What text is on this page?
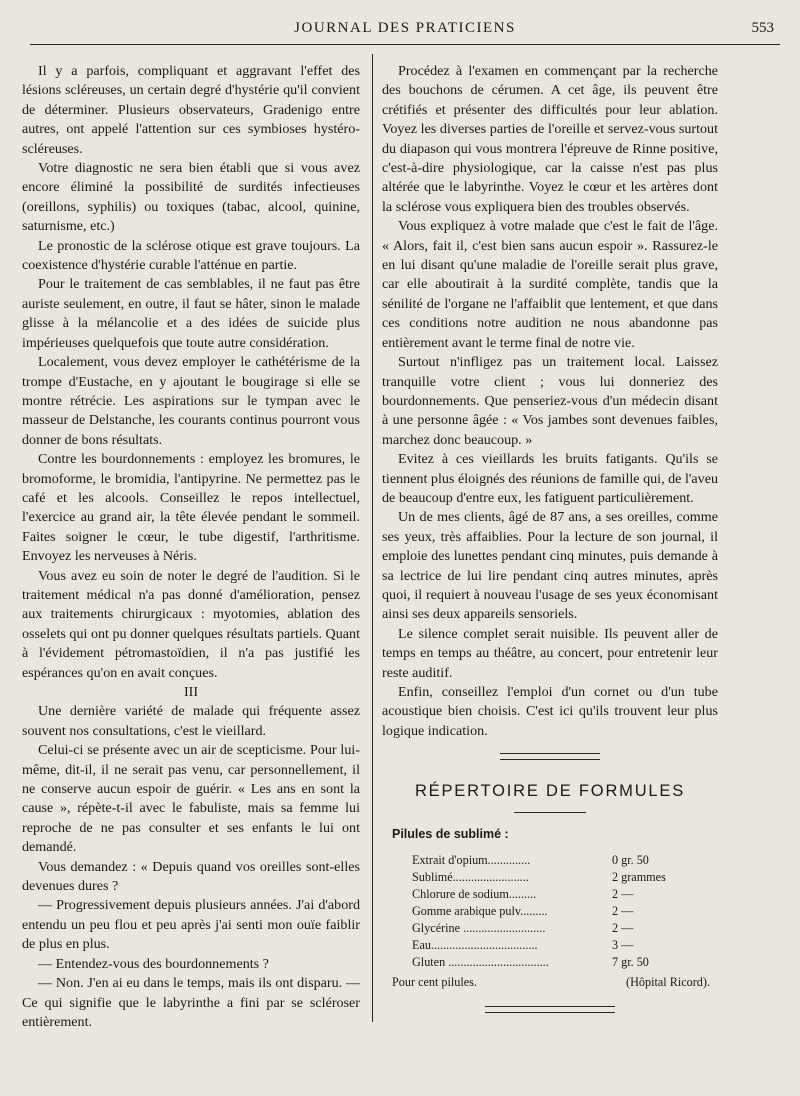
JOURNAL DES PRATICIENS	553

Il y a parfois, compliquant et aggravant l'effet des lésions scléreuses, un certain degré d'hystérie qu'il convient de déterminer. Plusieurs observateurs, Gradenigo entre autres, ont appelé l'attention sur ces symbioses hystéro-scléreuses.

Votre diagnostic ne sera bien établi que si vous avez encore éliminé la possibilité de surdités infectieuses (oreillons, syphilis) ou toxiques (tabac, alcool, quinine, saturnisme, etc.)

Le pronostic de la sclérose otique est grave toujours. La coexistence d'hystérie curable l'atténue en partie.

Pour le traitement de cas semblables, il ne faut pas être auriste seulement, en outre, il faut se hâter, sinon le malade glisse à la mélancolie et a des idées de suicide plus impérieuses quelquefois que toute autre considération.

Localement, vous devez employer le cathétérisme de la trompe d'Eustache, en y ajoutant le bougirage si elle se montre rétrécie. Les aspirations sur le tympan avec le masseur de Delstanche, les courants continus pourront vous donner de bons résultats.

Contre les bourdonnements : employez les bromures, le bromoforme, le bromidia, l'antipyrine. Ne permettez pas le café et les alcools. Conseillez le repos intellectuel, l'exercice au grand air, la tête élevée pendant le sommeil. Faites soigner le cœur, le tube digestif, l'arthritisme. Envoyez les nerveuses à Néris.

Vous avez eu soin de noter le degré de l'audition. Si le traitement médical n'a pas donné d'amélioration, pensez aux traitements chirurgicaux : myotomies, ablation des osselets qui ont pu donner quelques résultats partiels. Quant à l'évidement pétromastoïdien, il n'a pas justifié les espérances qu'on en avait conçues.

III

Une dernière variété de malade qui fréquente assez souvent nos consultations, c'est le vieillard.

Celui-ci se présente avec un air de scepticisme. Pour lui-même, dit-il, il ne serait pas venu, car personnellement, il ne conserve aucun espoir de guérir. « Les ans en sont la cause », répète-t-il avec le fabuliste, mais sa femme lui reproche de ne pas consulter et ses enfants le lui ont demandé.

Vous demandez : « Depuis quand vos oreilles sont-elles devenues dures ?

— Progressivement depuis plusieurs années. J'ai d'abord entendu un peu flou et peu après j'ai senti mon ouïe faiblir de plus en plus.

— Entendez-vous des bourdonnements ?

— Non. J'en ai eu dans le temps, mais ils ont disparu. — Ce qui signifie que le labyrinthe a fini par se scléroser entièrement.

Procédez à l'examen en commençant par la recherche des bouchons de cérumen. A cet âge, ils peuvent être crétifiés et présenter des difficultés pour leur ablation. Voyez les diverses parties de l'oreille et servez-vous surtout du diapason qui vous montrera l'épreuve de Rinne positive, c'est-à-dire physiologique, car la caisse n'est pas plus altérée que le labyrinthe. Voyez le cœur et les artères dont la sclérose vous expliquera bien des troubles observés.

Vous expliquez à votre malade que c'est le fait de l'âge. « Alors, fait il, c'est bien sans aucun espoir ». Rassurez-le en lui disant qu'une maladie de l'oreille serait plus grave, car elle aboutirait à la surdité complète, tandis que la sénilité de l'organe ne l'affaiblit que lentement, et que dans ces conditions notre audition ne nous abandonne pas entièrement avant le terme final de notre vie.

Surtout n'infligez pas un traitement local. Laissez tranquille votre client ; vous lui donneriez des bourdonnements. Que penseriez-vous d'un médecin disant à une personne âgée : « Vos jambes sont devenues faibles, marchez donc beaucoup. »

Evitez à ces vieillards les bruits fatigants. Qu'ils se tiennent plus éloignés des réunions de famille qui, de l'aveu de beaucoup d'entre eux, les fatiguent particulièrement.

Un de mes clients, âgé de 87 ans, a ses oreilles, comme ses yeux, très affaiblies. Pour la lecture de son journal, il emploie des lunettes pendant cinq minutes, puis demande à sa lectrice de lui lire pendant cinq autres minutes, après quoi, il requiert à nouveau l'usage de ses yeux économisant ainsi ses deux appareils sensoriels.

Le silence complet serait nuisible. Ils peuvent aller de temps en temps au théâtre, au concert, pour entretenir leur reste auditif.

Enfin, conseillez l'emploi d'un cornet ou d'un tube acoustique bien choisis. C'est ici qu'ils trouvent leur plus logique indication.

RÉPERTOIRE DE FORMULES
Pilules de sublimé :
Extrait d'opium..............	0 gr. 50
Sublimé.........................	2 grammes
Chlorure de sodium.........	2 —
Gomme arabique pulv.........	2 —
Glycérine ...........................	2 —
Eau...................................	3 —
Gluten .................................	7 gr. 50
Pour cent pilules.	(Hôpital Ricord).
